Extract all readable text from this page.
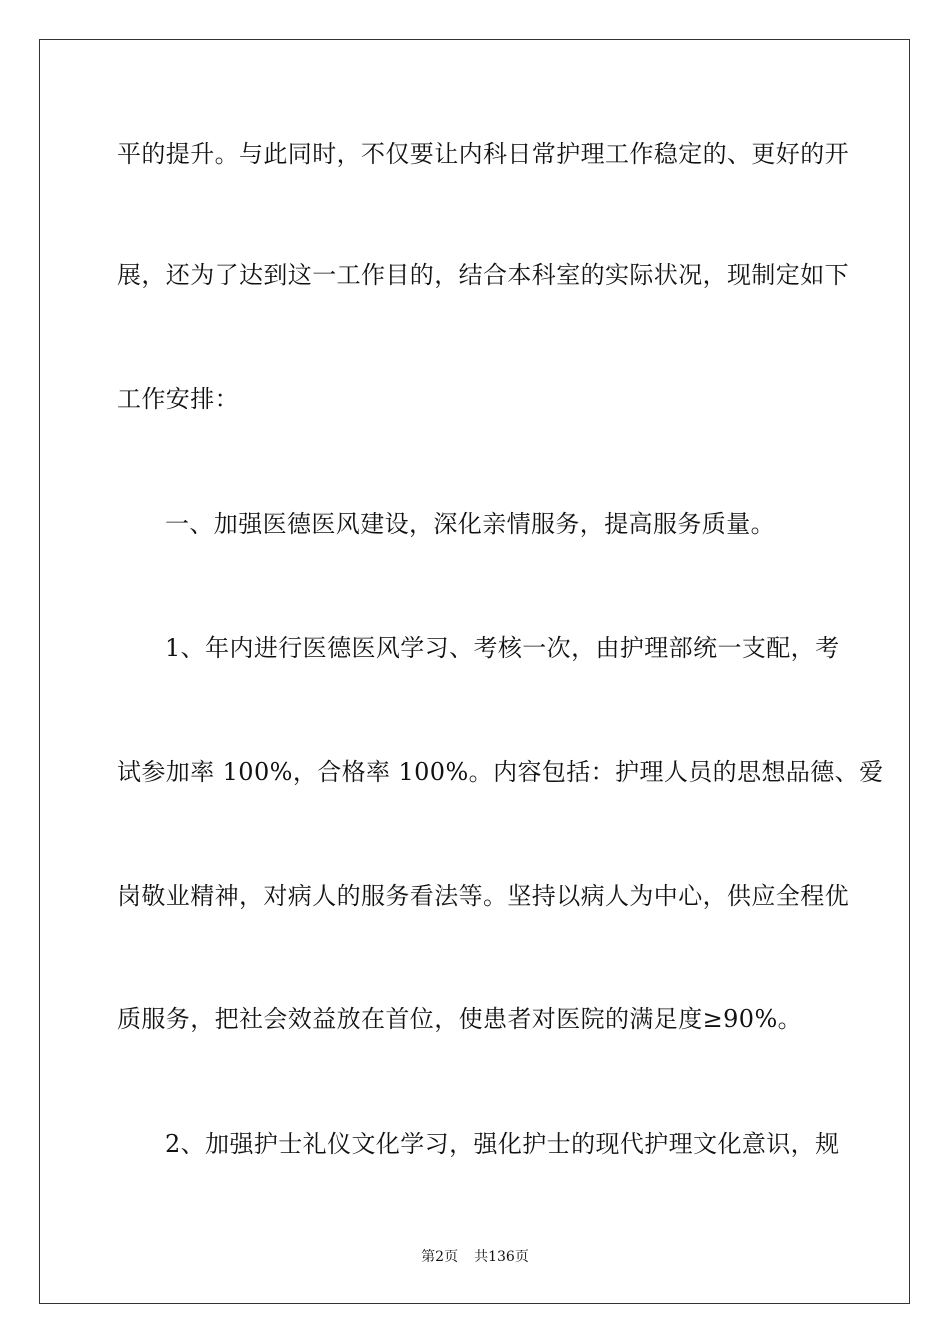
平的提升。与此同时，不仅要让内科日常护理工作稳定的、更好的开

展，还为了达到这一工作目的，结合本科室的实际状况，现制定如下

工作安排：

一、加强医德医风建设，深化亲情服务，提高服务质量。

1、年内进行医德医风学习、考核一次，由护理部统一支配，考

试参加率 100%，合格率 100%。内容包括：护理人员的思想品德、爱

岗敬业精神，对病人的服务看法等。坚持以病人为中心，供应全程优

质服务，把社会效益放在首位，使患者对医院的满足度≥90%。

2、加强护士礼仪文化学习，强化护士的现代护理文化意识，规

第2页 共136页
